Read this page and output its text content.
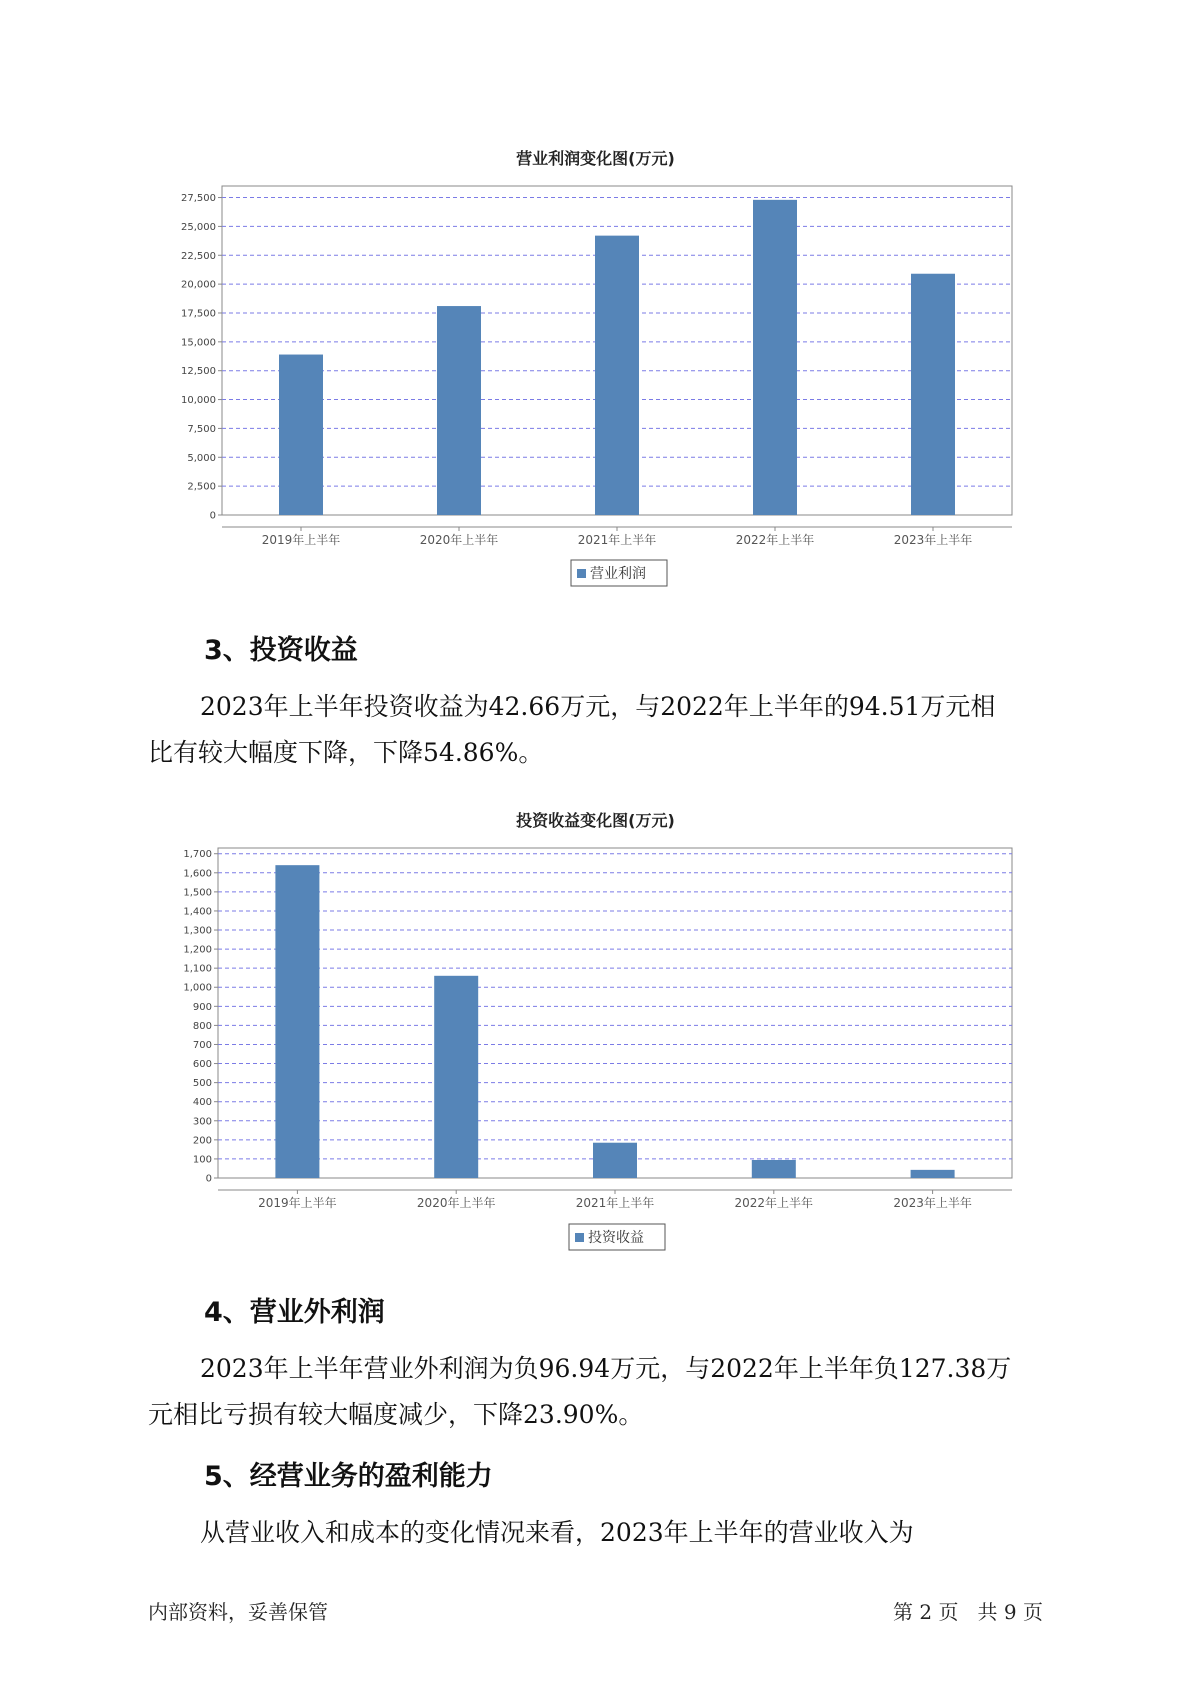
营业利润变化图(万元)
0
2,500
5,000
7,500
10,000
12,500
15,000
17,500
20,000
22,500
25,000
27,500
2019年上半年	2020年上半年	2021年上半年	2022年上半年	2023年上半年
营业利润
3、投资收益
2023年上半年投资收益为42.66万元，与2022年上半年的94.51万元相
比有较大幅度下降，下降54.86%。
投资收益变化图(万元)
0
100
200
300
400
500
600
700
800
900
1,000
1,100
1,200
1,300
1,400
1,500
1,600
1,700
2019年上半年	2020年上半年	2021年上半年	2022年上半年	2023年上半年
投资收益
4、营业外利润
2023年上半年营业外利润为负96.94万元，与2022年上半年负127.38万
元相比亏损有较大幅度减少，下降23.90%。
5、经营业务的盈利能力
从营业收入和成本的变化情况来看，2023年上半年的营业收入为
内部资料，妥善保管	第 2 页   共 9 页
